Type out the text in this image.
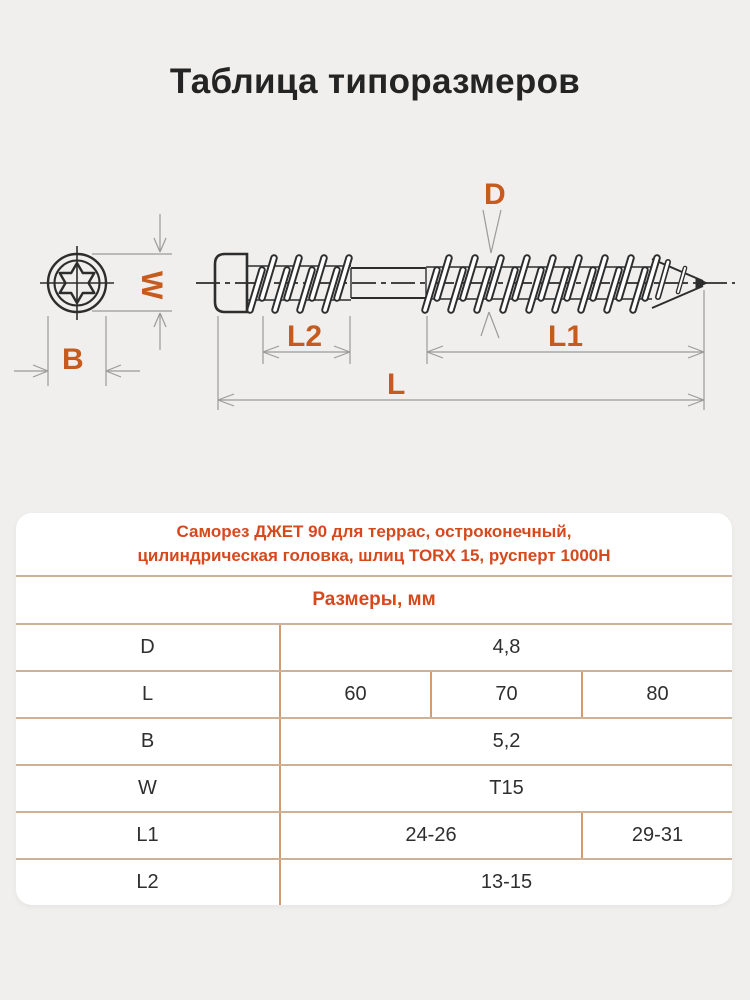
Таблица типоразмеров
D
W
B
L2	L1
L
Саморез ДЖЕТ 90 для террас, остроконечный,
цилиндрическая головка, шлиц TORX 15, русперт 1000Н
Размеры, мм
D	4,8
L	60	70	80
B	5,2
W	T15
L1	24-26	29-31
L2	13-15
